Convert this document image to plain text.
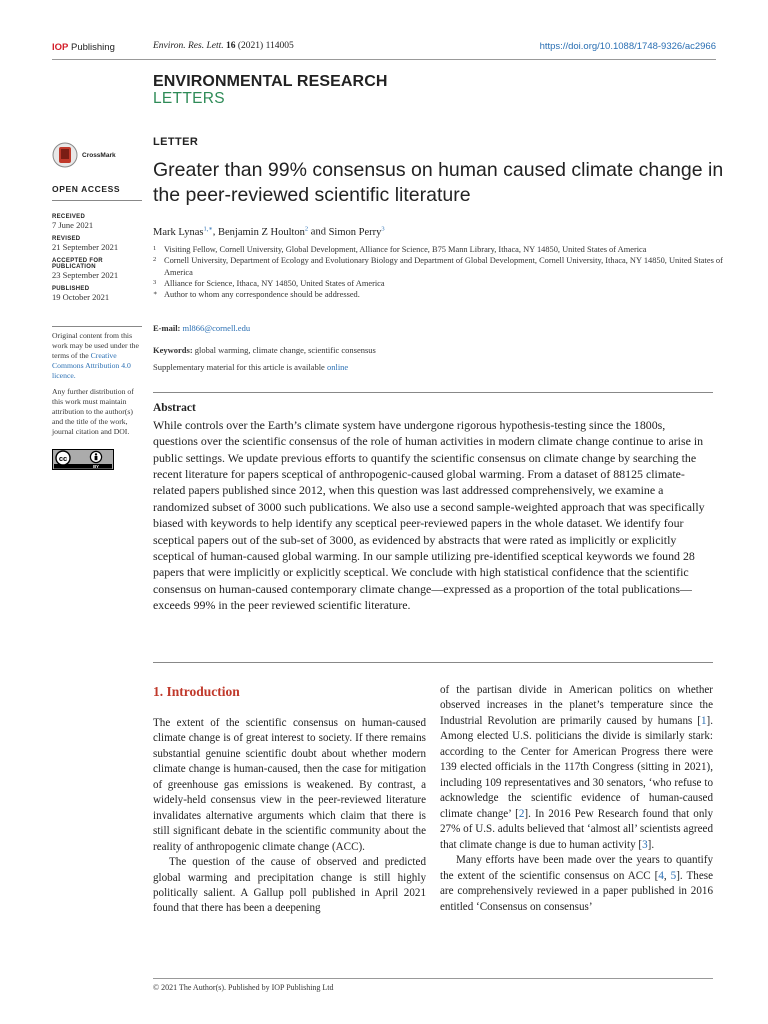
IOP Publishing	Environ. Res. Lett. 16 (2021) 114005	https://doi.org/10.1088/1748-9326/ac2966
ENVIRONMENTAL RESEARCH
LETTERS
CrossMark
OPEN ACCESS
RECEIVED
7 June 2021
REVISED
21 September 2021
ACCEPTED FOR PUBLICATION
23 September 2021
PUBLISHED
19 October 2021

Original content from this work may be used under the terms of the Creative Commons Attribution 4.0 licence.

Any further distribution of this work must maintain attribution to the author(s) and the title of the work, journal citation and DOI.

cc
BY
LETTER
Greater than 99% consensus on human caused climate change in the peer-reviewed scientific literature
Mark Lynas$^{1,∗}$, Benjamin Z Houlton$^2$ and Simon Perry$^3$
1 Visiting Fellow, Cornell University, Global Development, Alliance for Science, B75 Mann Library, Ithaca, NY 14850, United States of America
2 Cornell University, Department of Ecology and Evolutionary Biology and Department of Global Development, Cornell University, Ithaca, NY 14850, United States of America
3 Alliance for Science, Ithaca, NY 14850, United States of America
∗ Author to whom any correspondence should be addressed.
E-mail: ml866@cornell.edu
Keywords: global warming, climate change, scientific consensus
Supplementary material for this article is available online
Abstract

While controls over the Earth’s climate system have undergone rigorous hypothesis-testing since the 1800s, questions over the scientific consensus of the role of human activities in modern climate change continue to arise in public settings. We update previous efforts to quantify the scientific consensus on climate change by searching the recent literature for papers sceptical of anthropogenic-caused global warming. From a dataset of 88125 climate-related papers published since 2012, when this question was last addressed comprehensively, we examine a randomized subset of 3000 such publications. We also use a second sample-weighted approach that was specifically biased with keywords to help identify any sceptical peer-reviewed papers in the whole dataset. We identify four sceptical papers out of the sub-set of 3000, as evidenced by abstracts that were rated as implicitly or explicitly sceptical of human-caused global warming. In our sample utilizing pre-identified sceptical keywords we found 28 papers that were implicitly or explicitly sceptical. We conclude with high statistical confidence that the scientific consensus on human-caused contemporary climate change—expressed as a proportion of the total publications—exceeds 99% in the peer reviewed scientific literature.

1. Introduction

The extent of the scientific consensus on human-caused climate change is of great interest to society. If there remains substantial genuine scientific doubt about whether modern climate change is human-caused, then the case for mitigation of greenhouse gas emissions is weakened. By contrast, a widely-held consensus view in the peer-reviewed literature invalidates alternative arguments which claim that there is still significant debate in the scientific community about the reality of anthropogenic climate change (ACC).

The question of the cause of observed and predicted global warming and precipitation change is still highly politically salient. A Gallup poll published in April 2021 found that there has been a deepening

of the partisan divide in American politics on whether observed increases in the planet’s temperature since the Industrial Revolution are primarily caused by humans [1]. Among elected U.S. politicians the divide is similarly stark: according to the Center for American Progress there were 139 elected officials in the 117th Congress (sitting in 2021), including 109 representatives and 30 senators, ‘who refuse to acknowledge the scientific evidence of human-caused climate change’ [2]. In 2016 Pew Research found that only 27% of U.S. adults believed that ‘almost all’ scientists agreed that climate change is due to human activity [3].

Many efforts have been made over the years to quantify the extent of the scientific consensus on ACC [4, 5]. These are comprehensively reviewed in a paper published in 2016 entitled ‘Consensus on consensus’

© 2021 The Author(s). Published by IOP Publishing Ltd
